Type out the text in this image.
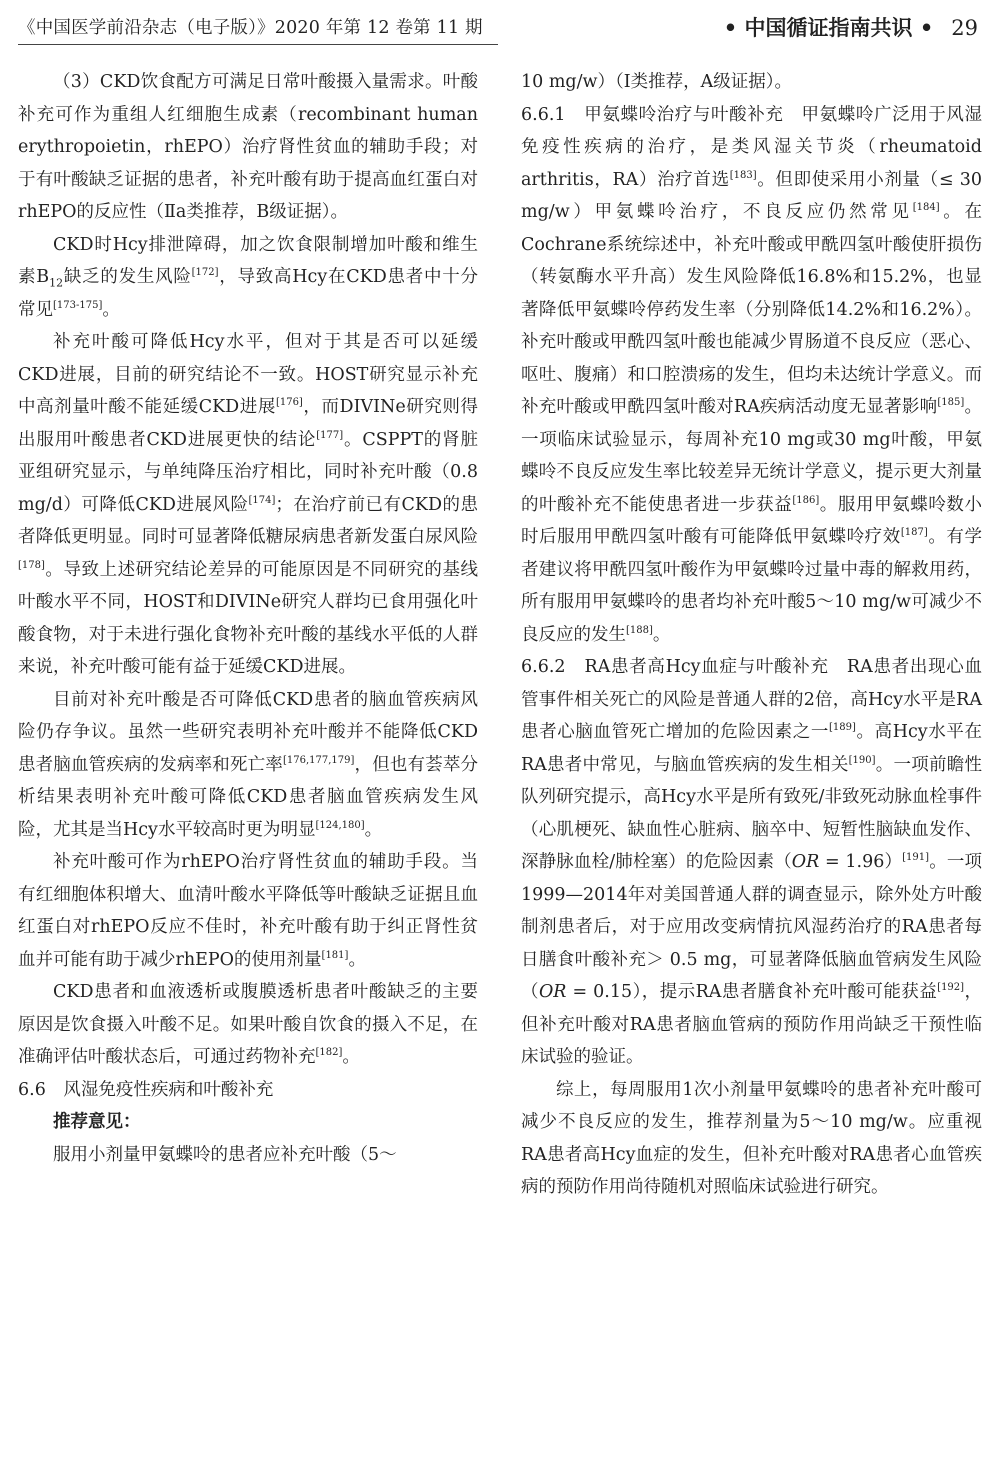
《中国医学前沿杂志（电子版）》2020 年第 12 卷第 11 期	• 中国循证指南共识 • 29

（3）CKD饮食配方可满足日常叶酸摄入量需求。叶酸补充可作为重组人红细胞生成素（recombinant human erythropoietin，rhEPO）治疗肾性贫血的辅助手段；对于有叶酸缺乏证据的患者，补充叶酸有助于提高血红蛋白对rhEPO的反应性（Ⅱa类推荐，B级证据）。

CKD时Hcy排泄障碍，加之饮食限制增加叶酸和维生素$B_{12}$缺乏的发生风险[172]，导致高Hcy在CKD患者中十分常见[173-175]。

补充叶酸可降低Hcy水平，但对于其是否可以延缓CKD进展，目前的研究结论不一致。HOST研究显示补充中高剂量叶酸不能延缓CKD进展[176]，而DIVINe研究则得出服用叶酸患者CKD进展更快的结论[177]。CSPPT的肾脏亚组研究显示，与单纯降压治疗相比，同时补充叶酸（0.8 mg/d）可降低CKD进展风险[174]；在治疗前已有CKD的患者降低更明显。同时可显著降低糖尿病患者新发蛋白尿风险[178]。导致上述研究结论差异的可能原因是不同研究的基线叶酸水平不同，HOST和DIVINe研究人群均已食用强化叶酸食物，对于未进行强化食物补充叶酸的基线水平低的人群来说，补充叶酸可能有益于延缓CKD进展。

目前对补充叶酸是否可降低CKD患者的脑血管疾病风险仍存争议。虽然一些研究表明补充叶酸并不能降低CKD患者脑血管疾病的发病率和死亡率[176,177,179]，但也有荟萃分析结果表明补充叶酸可降低CKD患者脑血管疾病发生风险，尤其是当Hcy水平较高时更为明显[124,180]。

补充叶酸可作为rhEPO治疗肾性贫血的辅助手段。当有红细胞体积增大、血清叶酸水平降低等叶酸缺乏证据且血红蛋白对rhEPO反应不佳时，补充叶酸有助于纠正肾性贫血并可能有助于减少rhEPO的使用剂量[181]。

CKD患者和血液透析或腹膜透析患者叶酸缺乏的主要原因是饮食摄入叶酸不足。如果叶酸自饮食的摄入不足，在准确评估叶酸状态后，可通过药物补充[182]。

6.6　风湿免疫性疾病和叶酸补充

推荐意见：

服用小剂量甲氨蝶呤的患者应补充叶酸（5～

10 mg/w）（Ⅰ类推荐，A级证据）。

6.6.1　甲氨蝶呤治疗与叶酸补充　甲氨蝶呤广泛用于风湿免疫性疾病的治疗，是类风湿关节炎（rheumatoid arthritis，RA）治疗首选[183]。但即使采用小剂量（≤ 30 mg/w）甲氨蝶呤治疗，不良反应仍然常见[184]。在Cochrane系统综述中，补充叶酸或甲酰四氢叶酸使肝损伤（转氨酶水平升高）发生风险降低16.8%和15.2%，也显著降低甲氨蝶呤停药发生率（分别降低14.2%和16.2%）。补充叶酸或甲酰四氢叶酸也能减少胃肠道不良反应（恶心、呕吐、腹痛）和口腔溃疡的发生，但均未达统计学意义。而补充叶酸或甲酰四氢叶酸对RA疾病活动度无显著影响[185]。一项临床试验显示，每周补充10 mg或30 mg叶酸，甲氨蝶呤不良反应发生率比较差异无统计学意义，提示更大剂量的叶酸补充不能使患者进一步获益[186]。服用甲氨蝶呤数小时后服用甲酰四氢叶酸有可能降低甲氨蝶呤疗效[187]。有学者建议将甲酰四氢叶酸作为甲氨蝶呤过量中毒的解救用药，所有服用甲氨蝶呤的患者均补充叶酸5～10 mg/w可减少不良反应的发生[188]。

6.6.2　RA患者高Hcy血症与叶酸补充　RA患者出现心血管事件相关死亡的风险是普通人群的2倍，高Hcy水平是RA患者心脑血管死亡增加的危险因素之一[189]。高Hcy水平在RA患者中常见，与脑血管疾病的发生相关[190]。一项前瞻性队列研究提示，高Hcy水平是所有致死/非致死动脉血栓事件（心肌梗死、缺血性心脏病、脑卒中、短暂性脑缺血发作、深静脉血栓/肺栓塞）的危险因素（OR = 1.96）[191]。一项1999—2014年对美国普通人群的调查显示，除外处方叶酸制剂患者后，对于应用改变病情抗风湿药治疗的RA患者每日膳食叶酸补充＞ 0.5 mg，可显著降低脑血管病发生风险（OR = 0.15），提示RA患者膳食补充叶酸可能获益[192]，但补充叶酸对RA患者脑血管病的预防作用尚缺乏干预性临床试验的验证。

综上，每周服用1次小剂量甲氨蝶呤的患者补充叶酸可减少不良反应的发生，推荐剂量为5～10 mg/w。应重视RA患者高Hcy血症的发生，但补充叶酸对RA患者心血管疾病的预防作用尚待随机对照临床试验进行研究。
